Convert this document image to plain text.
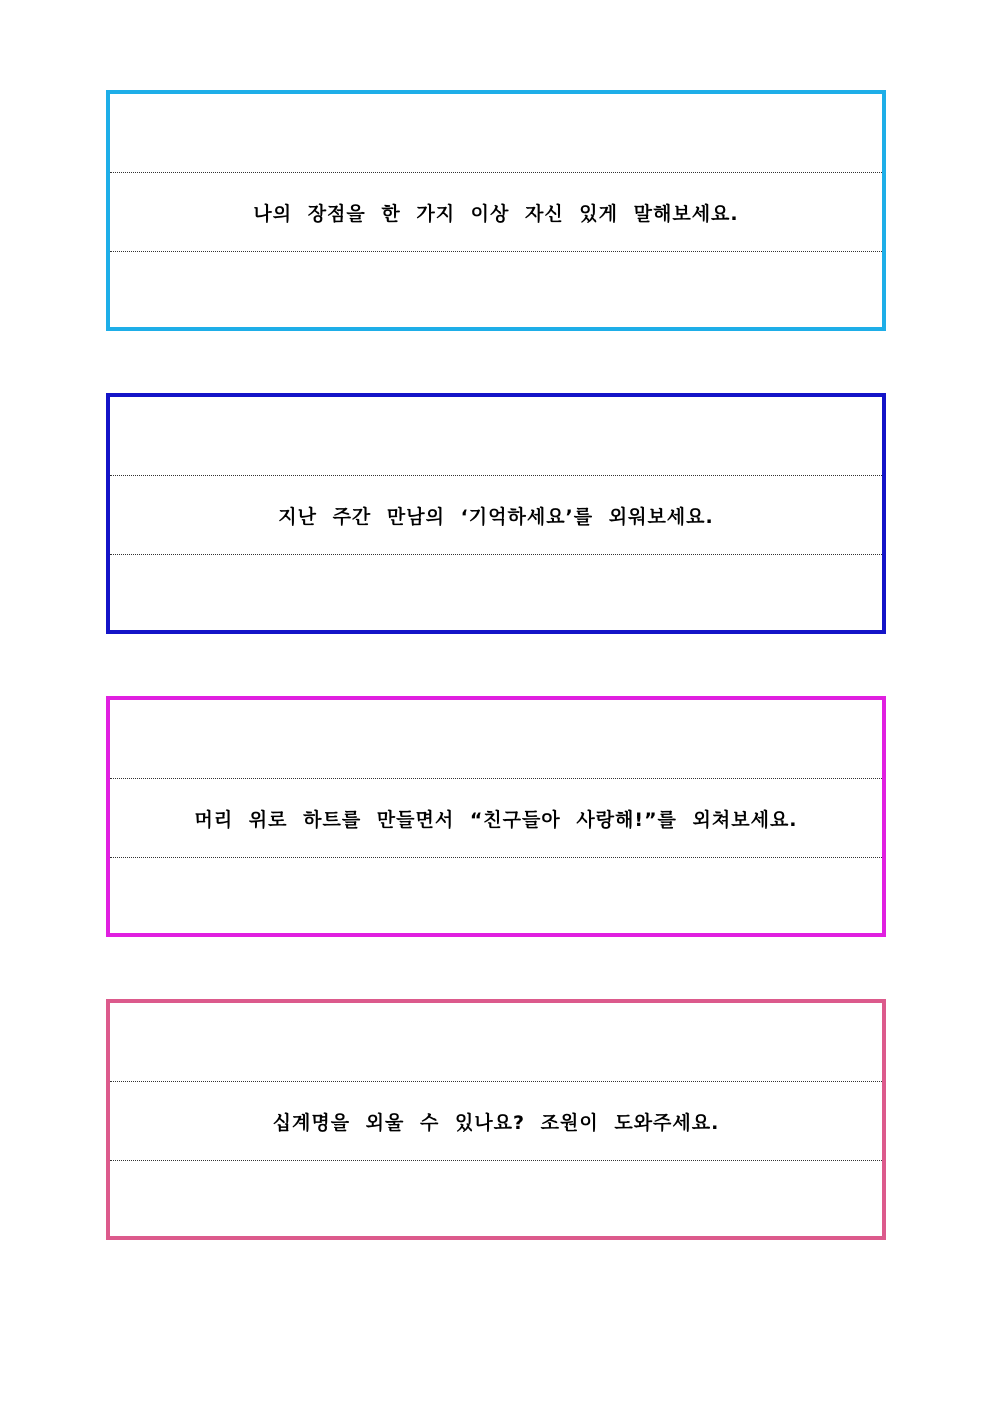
나의 장점을 한 가지 이상 자신 있게 말해보세요.
지난 주간 만남의 ‘기억하세요’를 외워보세요.
머리 위로 하트를 만들면서 “친구들아 사랑해!”를 외쳐보세요.
십계명을 외울 수 있나요? 조원이 도와주세요.
